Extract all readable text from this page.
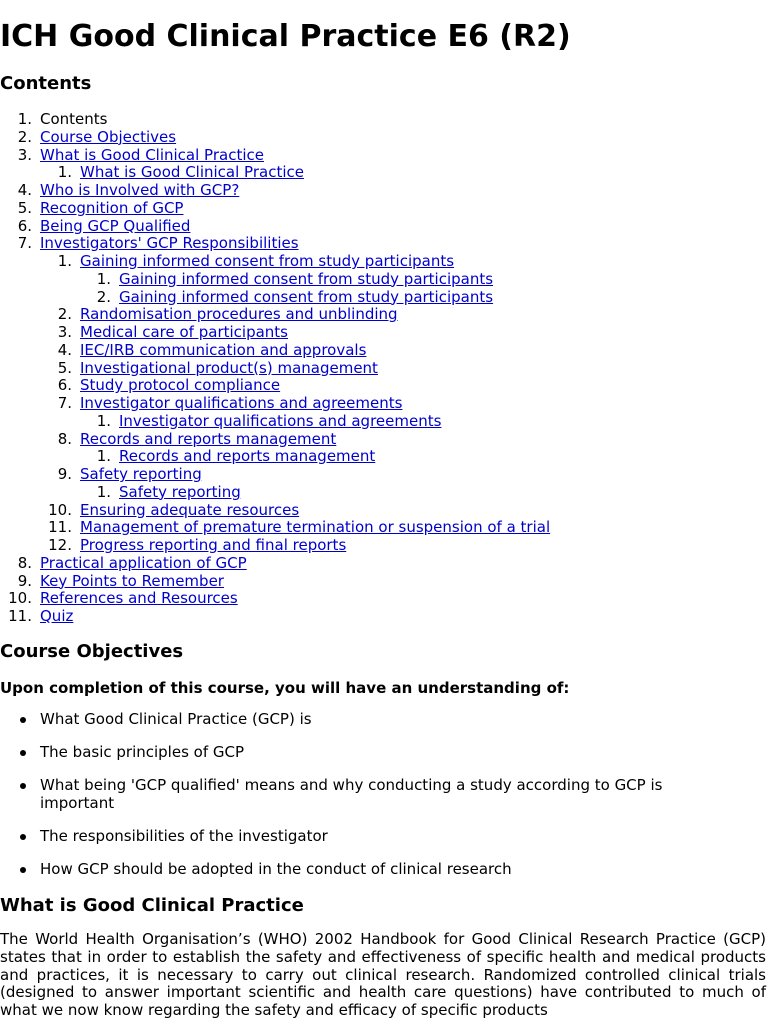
ICH Good Clinical Practice E6 (R2)
Contents
1. Contents
2. Course Objectives
3. What is Good Clinical Practice
1. What is Good Clinical Practice
4. Who is Involved with GCP?
5. Recognition of GCP
6. Being GCP Qualified
7. Investigators' GCP Responsibilities
1. Gaining informed consent from study participants
1. Gaining informed consent from study participants
2. Gaining informed consent from study participants
2. Randomisation procedures and unblinding
3. Medical care of participants
4. IEC/IRB communication and approvals
5. Investigational product(s) management
6. Study protocol compliance
7. Investigator qualifications and agreements
1. Investigator qualifications and agreements
8. Records and reports management
1. Records and reports management
9. Safety reporting
1. Safety reporting
10. Ensuring adequate resources
11. Management of premature termination or suspension of a trial
12. Progress reporting and final reports
8. Practical application of GCP
9. Key Points to Remember
10. References and Resources
11. Quiz
Course Objectives

Upon completion of this course, you will have an understanding of:

What Good Clinical Practice (GCP) is
The basic principles of GCP
What being 'GCP qualified' means and why conducting a study according to GCP is important
The responsibilities of the investigator
How GCP should be adopted in the conduct of clinical research
What is Good Clinical Practice

The World Health Organisation’s (WHO) 2002 Handbook for Good Clinical Research Practice (GCP) states that in order to establish the safety and effectiveness of specific health and medical products and practices, it is necessary to carry out clinical research. Randomized controlled clinical trials (designed to answer important scientific and health care questions) have contributed to much of what we now know regarding the safety and efficacy of specific products
